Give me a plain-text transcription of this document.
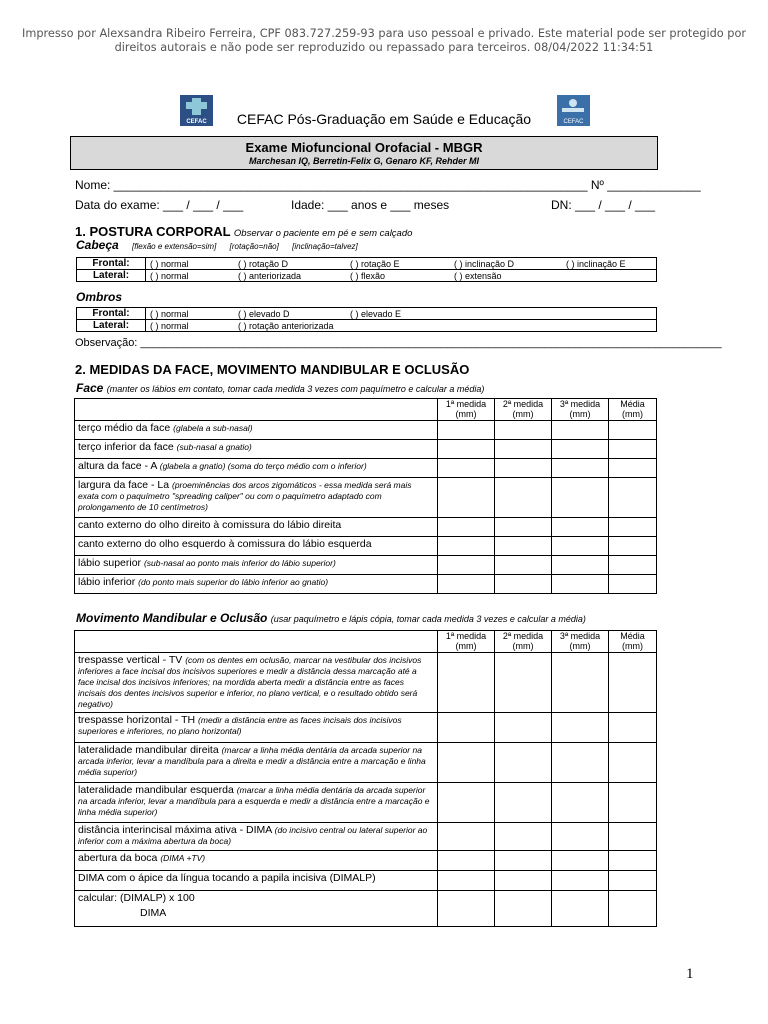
Impresso por Alexsandra Ribeiro Ferreira, CPF 083.727.259-93 para uso pessoal e privado. Este material pode ser protegido por direitos autorais e não pode ser reproduzido ou repassado para terceiros. 08/04/2022 11:34:51
CEFAC	CEFAC
CEFAC Pós-Graduação em Saúde e Educação
Exame Miofuncional Orofacial - MBGR
Marchesan IQ, Berretin-Felix G, Genaro KF, Rehder MI
Nome: _______________________________________________________________________ Nº ______________
Data do exame: ___ / ___ / ___	Idade: ___ anos e ___ meses	DN: ___ / ___ / ___
1. POSTURA CORPORAL Observar o paciente em pé e sem calçado
Cabeça [flexão e extensão=sim] [rotação=não] [inclinação=talvez]
Frontal:	( ) normal	( ) rotação D	( ) rotação E	( ) inclinação D	( ) inclinação E
Lateral:	( ) normal	( ) anteriorizada	( ) flexão	( ) extensão	
Ombros
Frontal:	( ) normal	( ) elevado D	( ) elevado E		
Lateral:	( ) normal	( ) rotação anteriorizada			
Observação: _______________________________________________________________________________________________
2. MEDIDAS DA FACE, MOVIMENTO MANDIBULAR E OCLUSÃO
Face (manter os lábios em contato, tomar cada medida 3 vezes com paquímetro e calcular a média)
	1ª medida (mm)	2ª medida (mm)	3ª medida (mm)	Média (mm)
terço médio da face (glabela a sub-nasal)				
terço inferior da face (sub-nasal a gnatio)				
altura da face - A (glabela a gnatio) (soma do terço médio com o inferior)				
largura da face - La (proeminências dos arcos zigomáticos - essa medida será mais exata com o paquímetro "spreading caliper" ou com o paquímetro adaptado com prolongamento de 10 centímetros)				
canto externo do olho direito à comissura do lábio direita				
canto externo do olho esquerdo à comissura do lábio esquerda				
lábio superior (sub-nasal ao ponto mais inferior do lábio superior)				
lábio inferior (do ponto mais superior do lábio inferior ao gnatio)				
Movimento Mandibular e Oclusão (usar paquímetro e lápis cópia, tomar cada medida 3 vezes e calcular a média)
	1ª medida (mm)	2ª medida (mm)	3ª medida (mm)	Média (mm)
trespasse vertical - TV (com os dentes em oclusão, marcar na vestibular dos incisivos inferiores a face incisal dos incisivos superiores e medir a distância dessa marcação até a face incisal dos incisivos inferiores; na mordida aberta medir a distância entre as faces incisais dos dentes incisivos superior e inferior, no plano vertical, e o resultado obtido será negativo)				
trespasse horizontal - TH (medir a distância entre as faces incisais dos incisivos superiores e inferiores, no plano horizontal)				
lateralidade mandibular direita (marcar a linha média dentária da arcada superior na arcada inferior, levar a mandíbula para a direita e medir a distância entre a marcação e linha média superior)				
lateralidade mandibular esquerda (marcar a linha média dentária da arcada superior na arcada inferior, levar a mandíbula para a esquerda e medir a distância entre a marcação e linha média superior)				
distância interincisal máxima ativa - DIMA (do incisivo central ou lateral superior ao inferior com a máxima abertura da boca)				
abertura da boca (DIMA +TV)				
DIMA com o ápice da língua tocando a papila incisiva (DIMALP)				

calcular: (DIMALP) x 100
DIMA				

1
